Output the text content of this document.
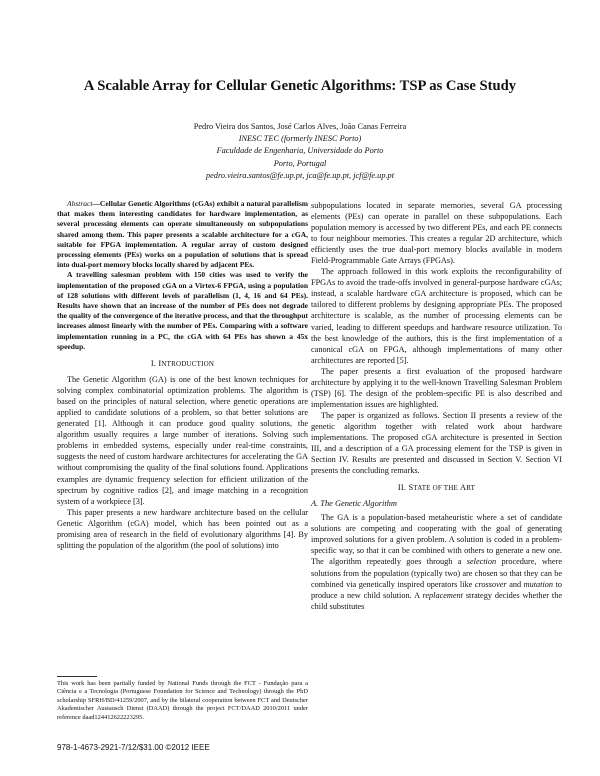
A Scalable Array for Cellular Genetic Algorithms: TSP as Case Study
Pedro Vieira dos Santos, José Carlos Alves, João Canas Ferreira
INESC TEC (formerly INESC Porto)
Faculdade de Engenharia, Universidade do Porto
Porto, Portugal
pedro.vieira.santos@fe.up.pt, jca@fe.up.pt, jcf@fe.up.pt

Abstract—Cellular Genetic Algorithms (cGAs) exhibit a natural parallelism that makes them interesting candidates for hardware implementation, as several processing elements can operate simultaneously on subpopulations shared among them. This paper presents a scalable architecture for a cGA, suitable for FPGA implementation. A regular array of custom designed processing elements (PEs) works on a population of solutions that is spread into dual-port memory blocks locally shared by adjacent PEs.

A travelling salesman problem with 150 cities was used to verify the implementation of the proposed cGA on a Virtex-6 FPGA, using a population of 128 solutions with different levels of parallelism (1, 4, 16 and 64 PEs). Results have shown that an increase of the number of PEs does not degrade the quality of the convergence of the iterative process, and that the throughput increases almost linearly with the number of PEs. Comparing with a software implementation running in a PC, the cGA with 64 PEs has shown a 45x speedup.

I. INTRODUCTION

The Genetic Algorithm (GA) is one of the best known techniques for solving complex combinatorial optimization problems. The algorithm is based on the principles of natural selection, where genetic operations are applied to candidate solutions of a problem, so that better solutions are generated [1]. Although it can produce good quality solutions, the algorithm usually requires a large number of iterations. Solving such problems in embedded systems, especially under real-time constraints, suggests the need of custom hardware architectures for accelerating the GA without compromising the quality of the final solutions found. Applications examples are dynamic frequency selection for efficient utilization of the spectrum by cognitive radios [2], and image matching in a recognition system of a workpiece [3].

This paper presents a new hardware architecture based on the cellular Genetic Algorithm (cGA) model, which has been pointed out as a promising area of research in the field of evolutionary algorithms [4]. By splitting the population of the algorithm (the pool of solutions) into

This work has been partially funded by National Funds through the FCT - Fundação para a Ciência e a Tecnologia (Portuguese Foundation for Science and Technology) through the PhD scholarship SFRH/BD/41259/2007, and by the bilateral cooperation between FCT and Deutscher Akademischer Austausch Dienst (DAAD) through the project FCT/DAAD 2010/2011 under reference daad124412622223295.

subpopulations located in separate memories, several GA processing elements (PEs) can operate in parallel on these subpopulations. Each population memory is accessed by two different PEs, and each PE connects to four neighbour memories. This creates a regular 2D architecture, which efficiently uses the true dual-port memory blocks available in modern Field-Programmable Gate Arrays (FPGAs).

The approach followed in this work exploits the reconfigurability of FPGAs to avoid the trade-offs involved in general-purpose hardware cGAs; instead, a scalable hardware cGA architecture is proposed, which can be tailored to different problems by designing appropriate PEs. The proposed architecture is scalable, as the number of processing elements can be varied, leading to different speedups and hardware resource utilization. To the best knowledge of the authors, this is the first implementation of a canonical cGA on FPGA, although implementations of many other architectures are reported [5].

The paper presents a first evaluation of the proposed hardware architecture by applying it to the well-known Travelling Salesman Problem (TSP) [6]. The design of the problem-specific PE is also described and implementation issues are highlighted.

The paper is organized as follows. Section II presents a review of the genetic algorithm together with related work about hardware implementations. The proposed cGA architecture is presented in Section III, and a description of a GA processing element for the TSP is given in Section IV. Results are presented and discussed in Section V. Section VI presents the concluding remarks.

II. STATE OF THE ART
A. The Genetic Algorithm

The GA is a population-based metaheuristic where a set of candidate solutions are competing and cooperating with the goal of generating improved solutions for a given problem. A solution is coded in a problem-specific way, so that it can be combined with others to generate a new one. The algorithm repeatedly goes through a selection procedure, where solutions from the population (typically two) are chosen so that they can be combined via genetically inspired operators like crossover and mutation to produce a new child solution. A replacement strategy decides whether the child substitutes

978-1-4673-2921-7/12/$31.00 ©2012 IEEE
